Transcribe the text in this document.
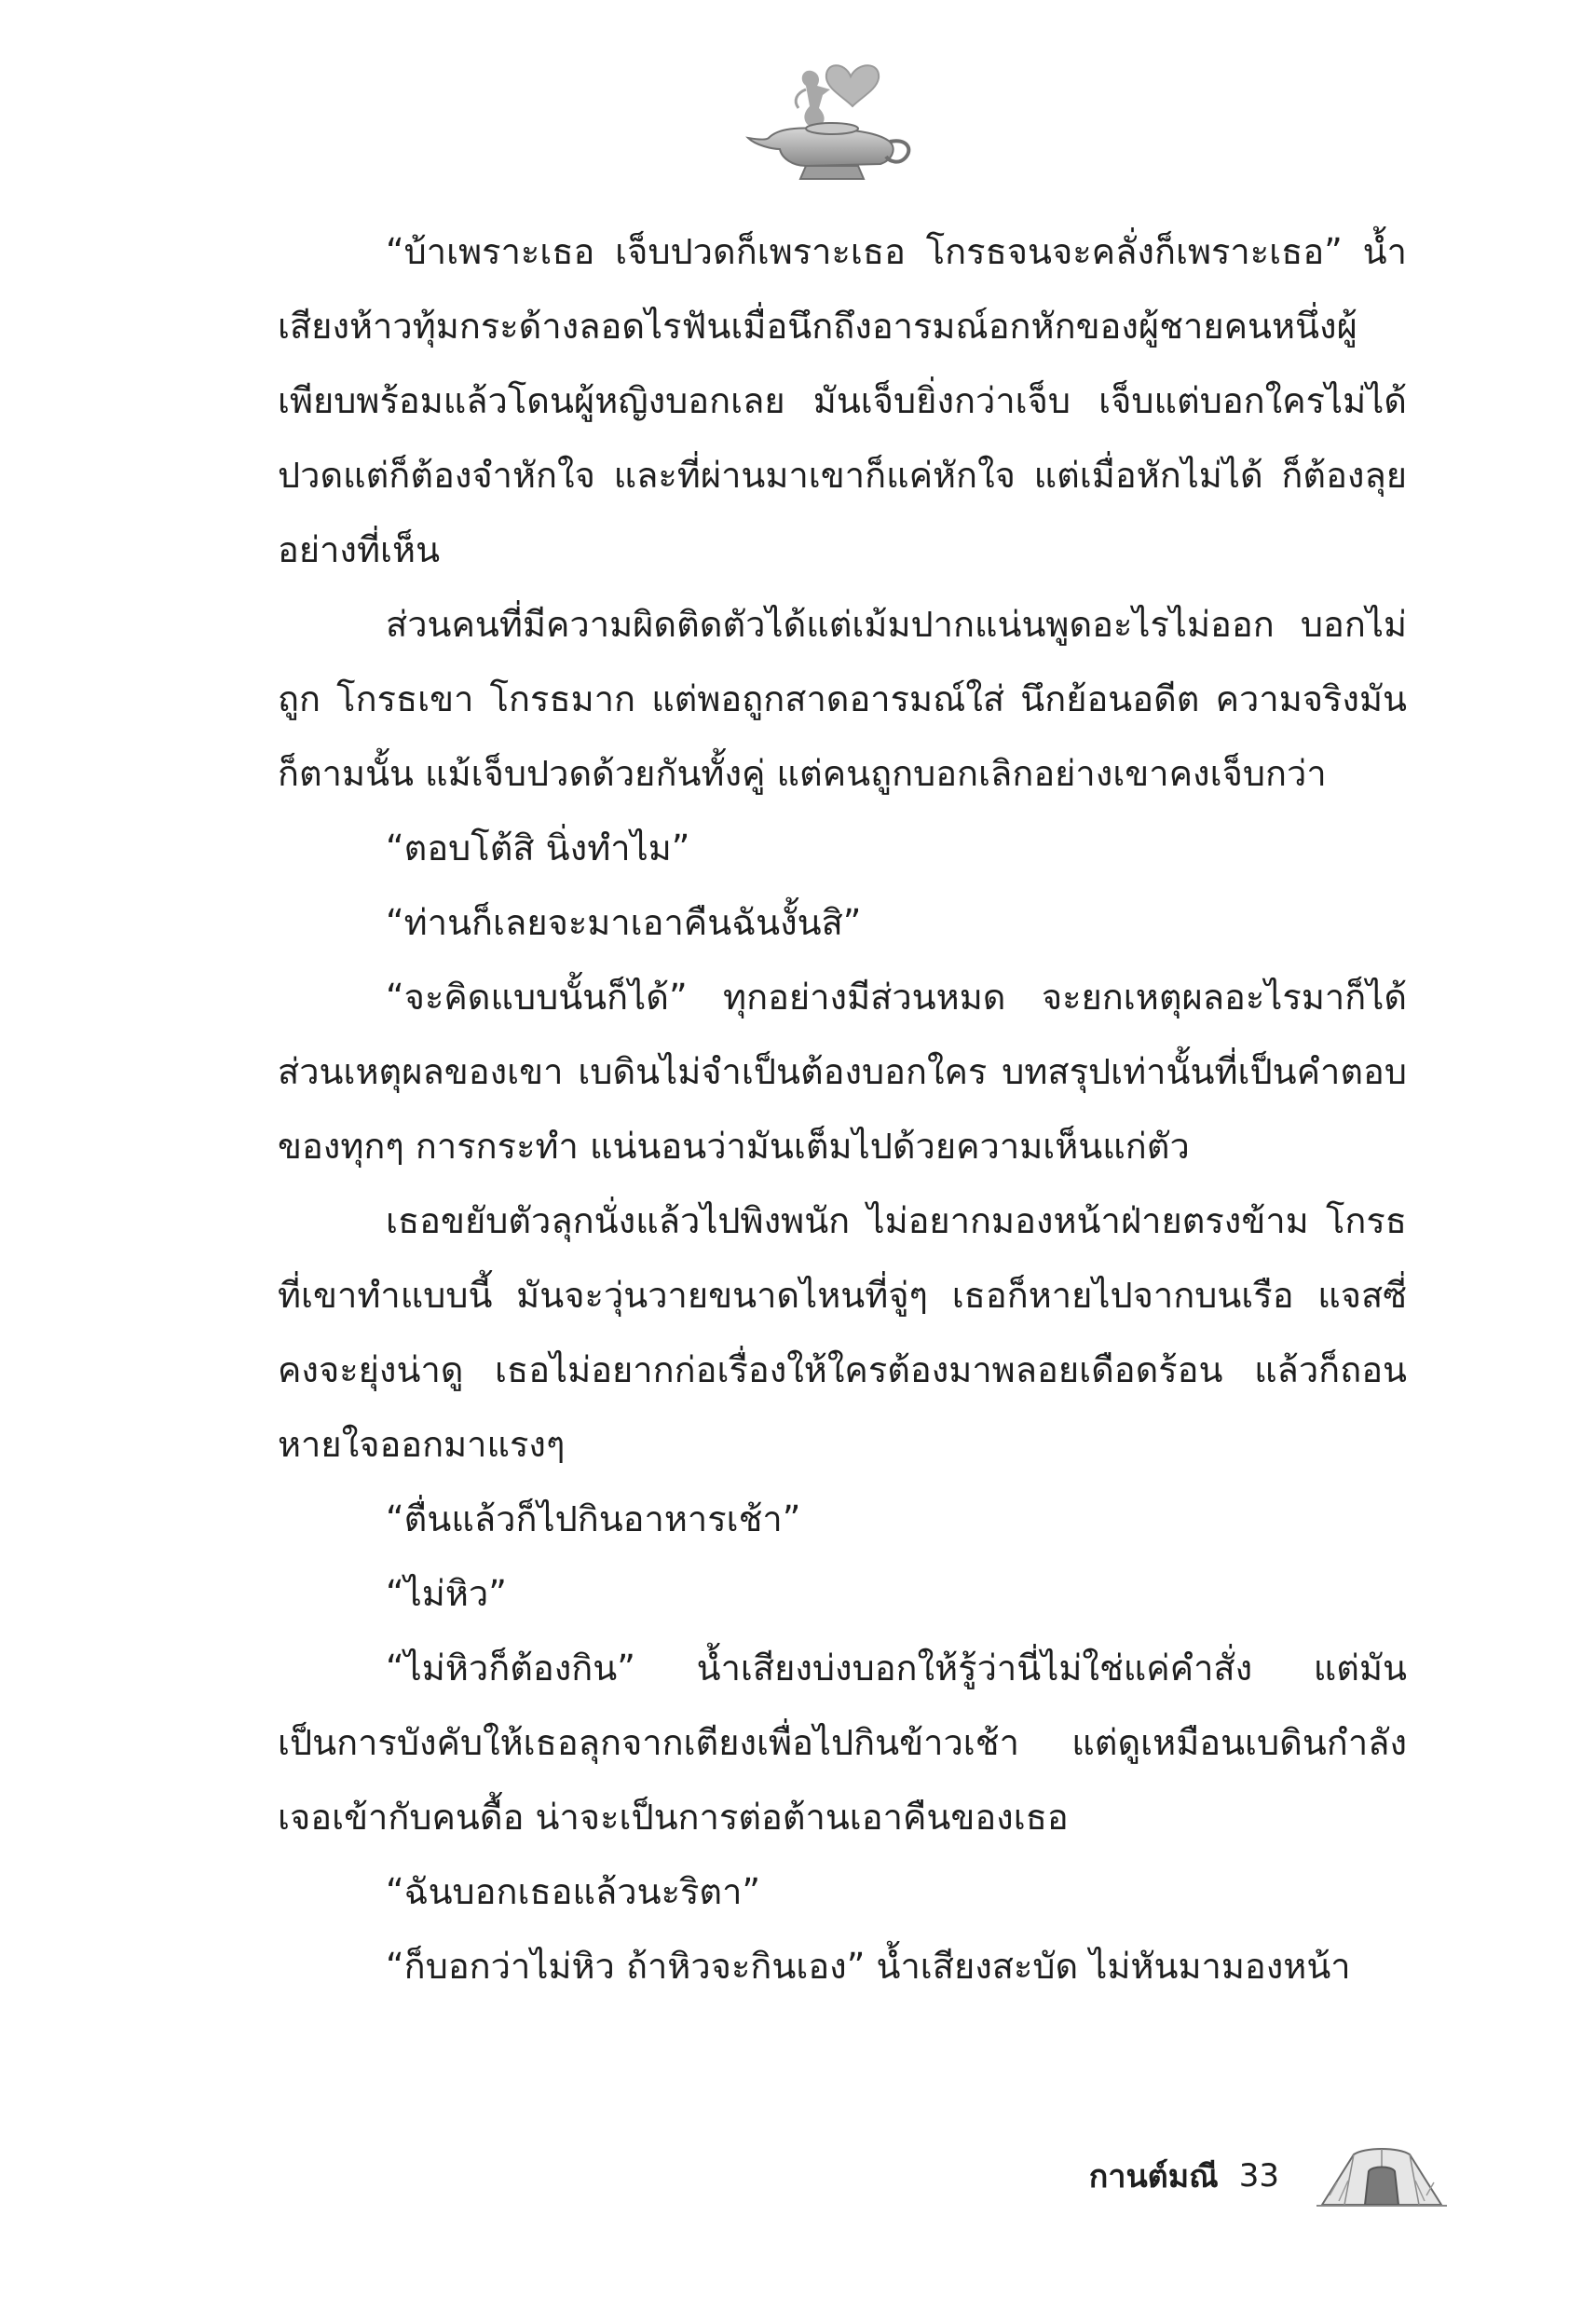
“บ้าเพราะเธอ เจ็บปวดก็เพราะเธอ โกรธจนจะคลั่งก็เพราะเธอ” น้ำเสียงห้าวทุ้มกระด้างลอดไรฟันเมื่อนึกถึงอารมณ์อกหักของผู้ชายคนหนึ่งผู้เพียบพร้อมแล้วโดนผู้หญิงบอกเลย มันเจ็บยิ่งกว่าเจ็บ เจ็บแต่บอกใครไม่ได้ ปวดแต่ก็ต้องจำหักใจ และที่ผ่านมาเขาก็แค่หักใจ แต่เมื่อหักไม่ได้ ก็ต้องลุยอย่างที่เห็น

ส่วนคนที่มีความผิดติดตัวได้แต่เม้มปากแน่นพูดอะไรไม่ออก บอกไม่ถูก โกรธเขา โกรธมาก แต่พอถูกสาดอารมณ์ใส่ นึกย้อนอดีต ความจริงมันก็ตามนั้น แม้เจ็บปวดด้วยกันทั้งคู่ แต่คนถูกบอกเลิกอย่างเขาคงเจ็บกว่า

“ตอบโต้สิ นิ่งทำไม”

“ท่านก็เลยจะมาเอาคืนฉันงั้นสิ”

“จะคิดแบบนั้นก็ได้” ทุกอย่างมีส่วนหมด จะยกเหตุผลอะไรมาก็ได้ ส่วนเหตุผลของเขา เบดินไม่จำเป็นต้องบอกใคร บทสรุปเท่านั้นที่เป็นคำตอบของทุกๆ การกระทำ แน่นอนว่ามันเต็มไปด้วยความเห็นแก่ตัว

เธอขยับตัวลุกนั่งแล้วไปพิงพนัก ไม่อยากมองหน้าฝ่ายตรงข้าม โกรธที่เขาทำแบบนี้ มันจะวุ่นวายขนาดไหนที่จู่ๆ เธอก็หายไปจากบนเรือ แจสซี่คงจะยุ่งน่าดู เธอไม่อยากก่อเรื่องให้ใครต้องมาพลอยเดือดร้อน แล้วก็ถอนหายใจออกมาแรงๆ

“ตื่นแล้วก็ไปกินอาหารเช้า”

“ไม่หิว”

“ไม่หิวก็ต้องกิน” น้ำเสียงบ่งบอกให้รู้ว่านี่ไม่ใช่แค่คำสั่ง แต่มันเป็นการบังคับให้เธอลุกจากเตียงเพื่อไปกินข้าวเช้า แต่ดูเหมือนเบดินกำลังเจอเข้ากับคนดื้อ น่าจะเป็นการต่อต้านเอาคืนของเธอ

“ฉันบอกเธอแล้วนะริตา”

“ก็บอกว่าไม่หิว ถ้าหิวจะกินเอง” น้ำเสียงสะบัด ไม่หันมามองหน้า

กานต์มณี 33
